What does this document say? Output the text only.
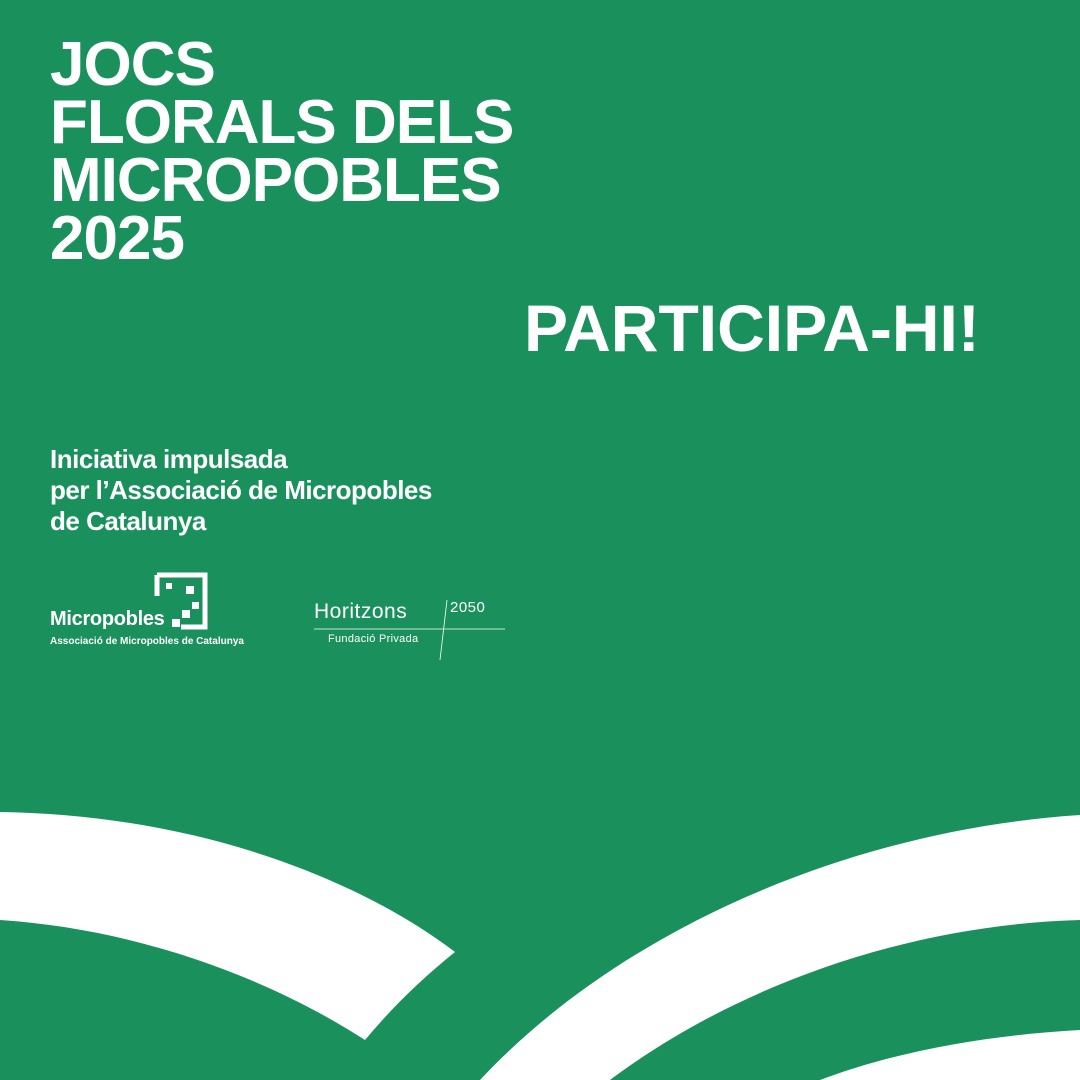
JOCS
FLORALS DELS
MICROPOBLES
2025
PARTICIPA-HI!
Iniciativa impulsada
per l’Associació de Micropobles
de Catalunya
Micropobles
Associació de Micropobles de Catalunya
Horitzons	2050
Fundació Privada
